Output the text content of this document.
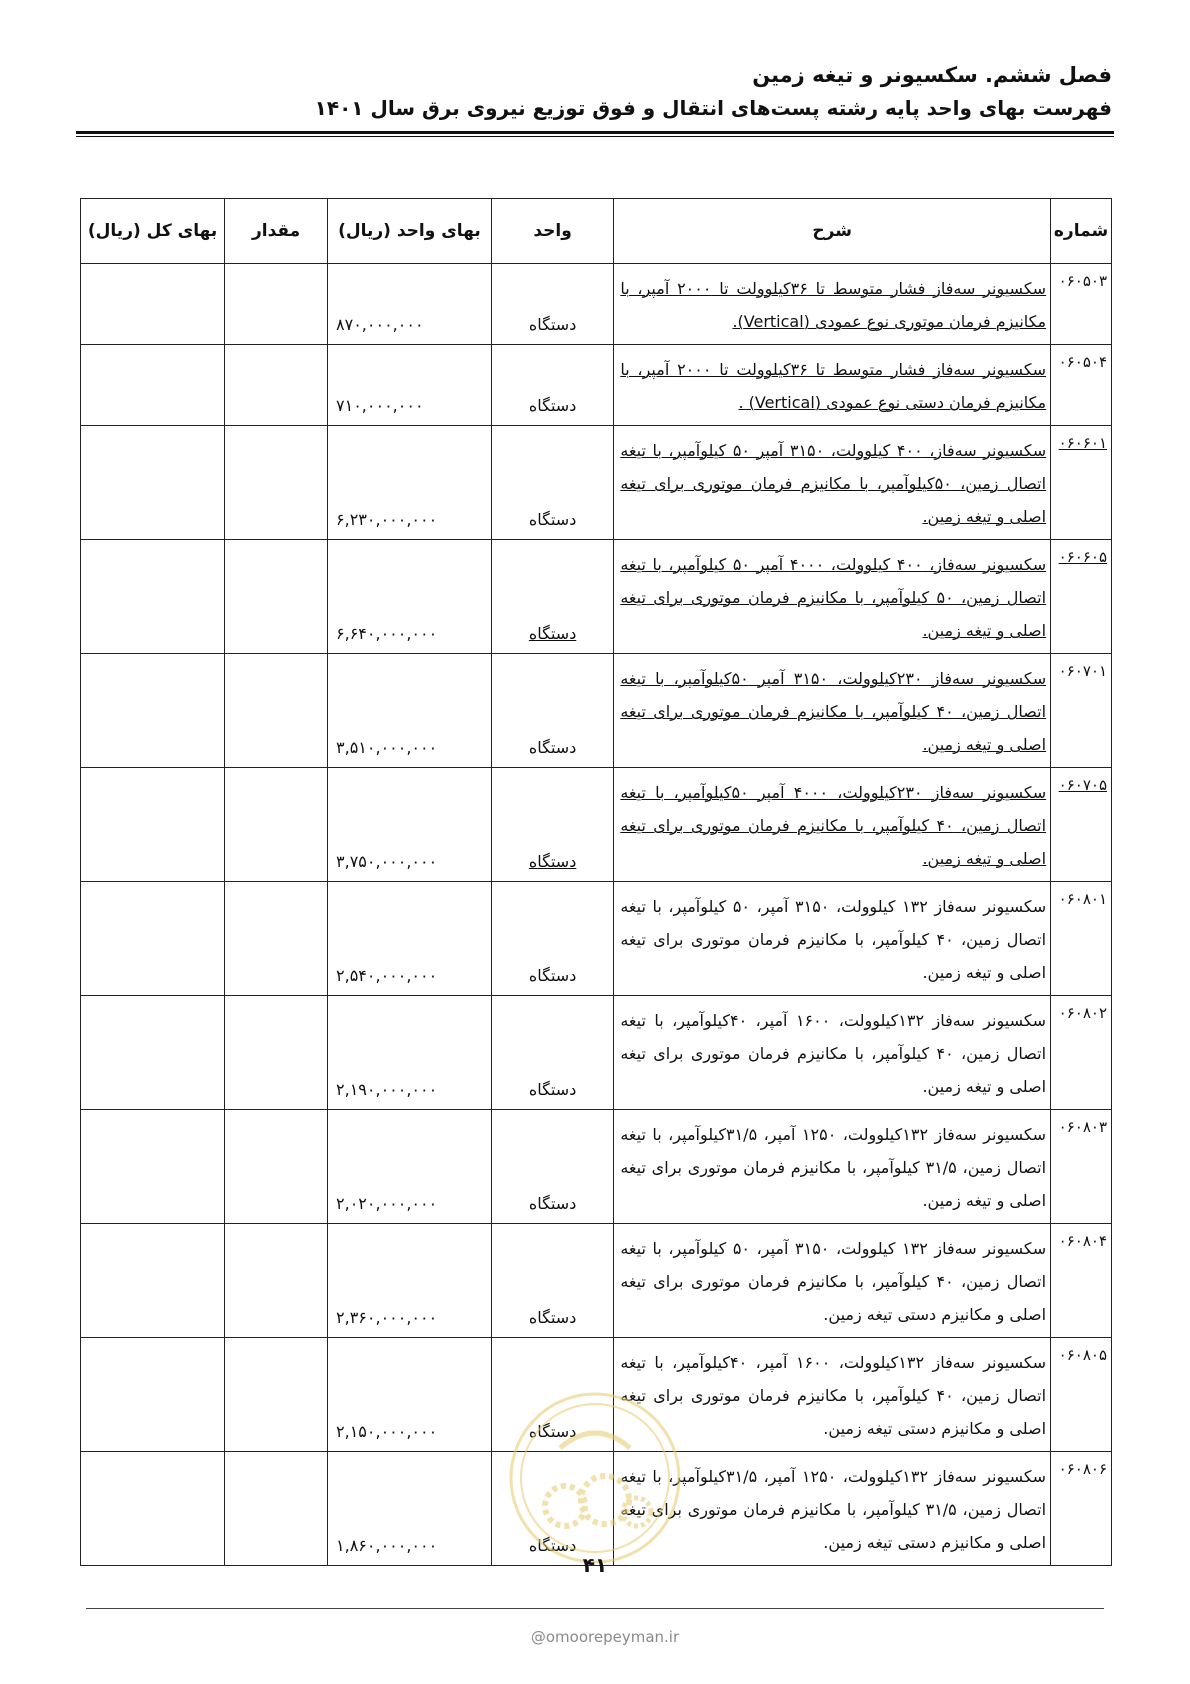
فصل ششم. سکسیونر و تیغه زمین
فهرست بهای واحد پایه رشته پست‌های انتقال و فوق توزیع نیروی برق سال ۱۴۰۱
شماره	شرح	واحد	بهای واحد (ریال)	مقدار	بهای کل (ریال)
۰۶۰۵۰۳	سکسیونر سه‌فاز فشار متوسط تا ۳۶کیلوولت تا ۲۰۰۰ آمپر، با مکانیزم فرمان موتوری نوع عمودی (Vertical).	دستگاه	۸۷۰,۰۰۰,۰۰۰		
۰۶۰۵۰۴	سکسیونر سه‌فاز فشار متوسط تا ۳۶کیلوولت تا ۲۰۰۰ آمپر، با مکانیزم فرمان دستی نوع عمودی (Vertical) .	دستگاه	۷۱۰,۰۰۰,۰۰۰		
۰۶۰۶۰۱	سکسیونر سه‌فاز، ۴۰۰ کیلوولت، ۳۱۵۰ آمپر ۵۰ کیلوآمپر، با تیغه اتصال زمین، ۵۰کیلوآمپر، با مکانیزم فرمان موتوری برای تیغه اصلی و تیغه زمین.	دستگاه	۶,۲۳۰,۰۰۰,۰۰۰		
۰۶۰۶۰۵	سکسیونر سه‌فاز، ۴۰۰ کیلوولت، ۴۰۰۰ آمپر ۵۰ کیلوآمپر، با تیغه اتصال زمین، ۵۰ کیلوآمپر، با مکانیزم فرمان موتوری برای تیغه اصلی و تیغه زمین.	دستگاه	۶,۶۴۰,۰۰۰,۰۰۰		
۰۶۰۷۰۱	سکسیونر سه‌فاز ۲۳۰کیلوولت، ۳۱۵۰ آمپر ۵۰کیلوآمپر، با تیغه اتصال زمین، ۴۰ کیلوآمپر، با مکانیزم فرمان موتوری برای تیغه اصلی و تیغه زمین.	دستگاه	۳,۵۱۰,۰۰۰,۰۰۰		
۰۶۰۷۰۵	سکسیونر سه‌فاز ۲۳۰کیلوولت، ۴۰۰۰ آمپر ۵۰کیلوآمپر، با تیغه اتصال زمین، ۴۰ کیلوآمپر، با مکانیزم فرمان موتوری برای تیغه اصلی و تیغه زمین.	دستگاه	۳,۷۵۰,۰۰۰,۰۰۰		
۰۶۰۸۰۱	سکسیونر سه‌فاز ۱۳۲ کیلوولت، ۳۱۵۰ آمپر، ۵۰ کیلوآمپر، با تیغه اتصال زمین، ۴۰ کیلوآمپر، با مکانیزم فرمان موتوری برای تیغه اصلی و تیغه زمین.	دستگاه	۲,۵۴۰,۰۰۰,۰۰۰		
۰۶۰۸۰۲	سکسیونر سه‌فاز ۱۳۲کیلوولت، ۱۶۰۰ آمپر، ۴۰کیلوآمپر، با تیغه اتصال زمین، ۴۰ کیلوآمپر، با مکانیزم فرمان موتوری برای تیغه اصلی و تیغه زمین.	دستگاه	۲,۱۹۰,۰۰۰,۰۰۰		
۰۶۰۸۰۳	سکسیونر سه‌فاز ۱۳۲کیلوولت، ۱۲۵۰ آمپر، ۳۱/۵کیلوآمپر، با تیغه اتصال زمین، ۳۱/۵ کیلوآمپر، با مکانیزم فرمان موتوری برای تیغه اصلی و تیغه زمین.	دستگاه	۲,۰۲۰,۰۰۰,۰۰۰		
۰۶۰۸۰۴	سکسیونر سه‌فاز ۱۳۲ کیلوولت، ۳۱۵۰ آمپر، ۵۰ کیلوآمپر، با تیغه اتصال زمین، ۴۰ کیلوآمپر، با مکانیزم فرمان موتوری برای تیغه اصلی و مکانیزم دستی تیغه زمین.	دستگاه	۲,۳۶۰,۰۰۰,۰۰۰		
۰۶۰۸۰۵	سکسیونر سه‌فاز ۱۳۲کیلوولت، ۱۶۰۰ آمپر، ۴۰کیلوآمپر، با تیغه اتصال زمین، ۴۰ کیلوآمپر، با مکانیزم فرمان موتوری برای تیغه اصلی و مکانیزم دستی تیغه زمین.	دستگاه	۲,۱۵۰,۰۰۰,۰۰۰		
۰۶۰۸۰۶	سکسیونر سه‌فاز ۱۳۲کیلوولت، ۱۲۵۰ آمپر، ۳۱/۵کیلوآمپر، با تیغه اتصال زمین، ۳۱/۵ کیلوآمپر، با مکانیزم فرمان موتوری برای تیغه اصلی و مکانیزم دستی تیغه زمین.	دستگاه	۱,۸۶۰,۰۰۰,۰۰۰		
۴۱
@omoorepeyman.ir
